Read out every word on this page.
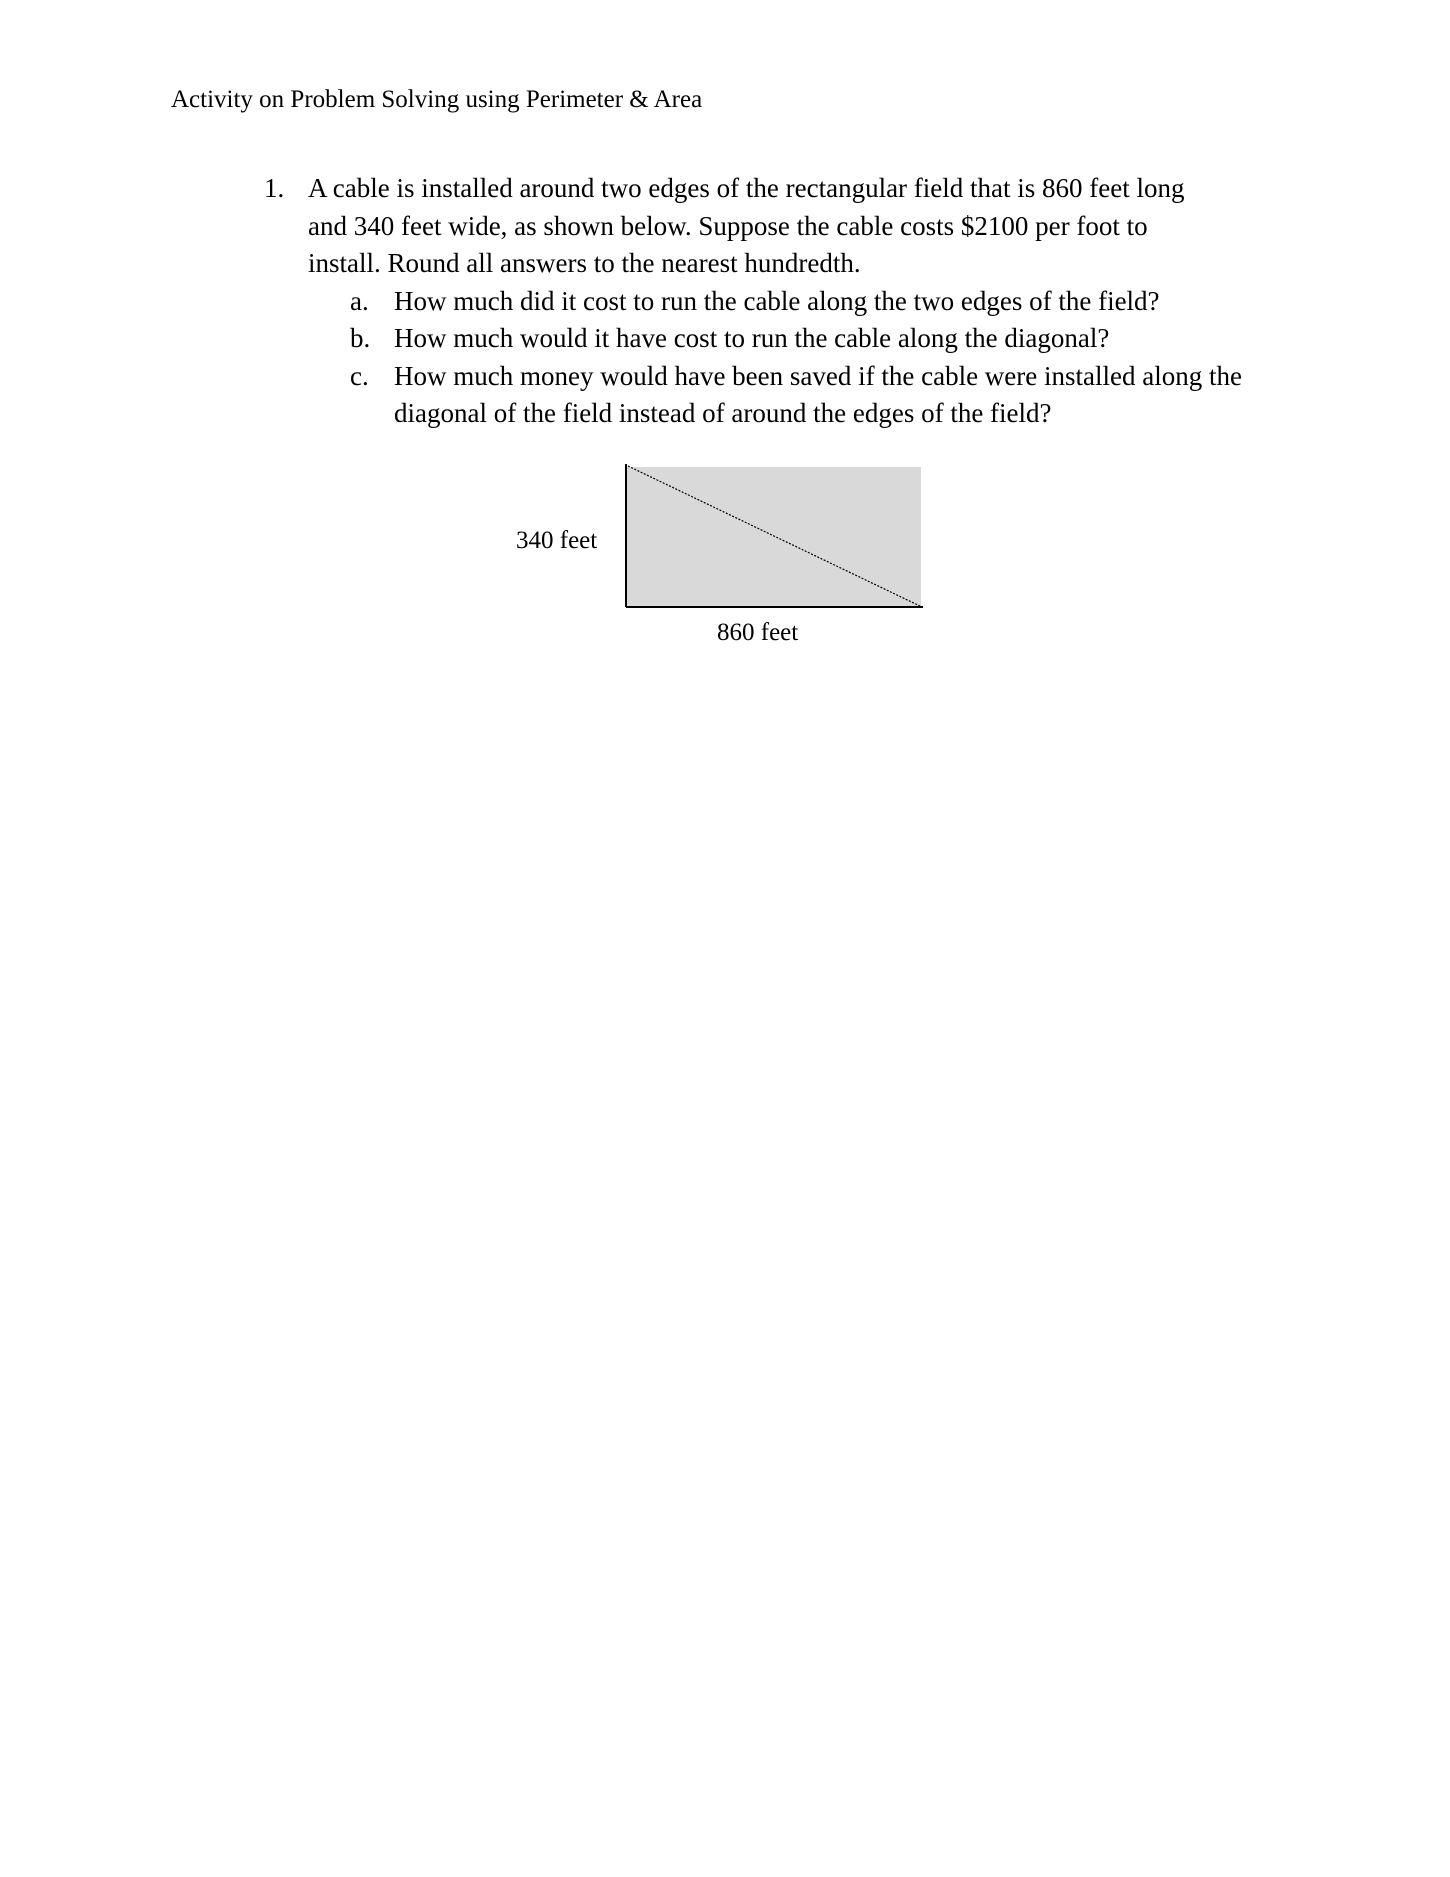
Activity on Problem Solving using Perimeter & Area
1. A cable is installed around two edges of the rectangular field that is 860 feet long and 340 feet wide, as shown below. Suppose the cable costs $2100 per foot to install. Round all answers to the nearest hundredth.
a. How much did it cost to run the cable along the two edges of the field?
b. How much would it have cost to run the cable along the diagonal?
c. How much money would have been saved if the cable were installed along the diagonal of the field instead of around the edges of the field?
340 feet
860 feet
